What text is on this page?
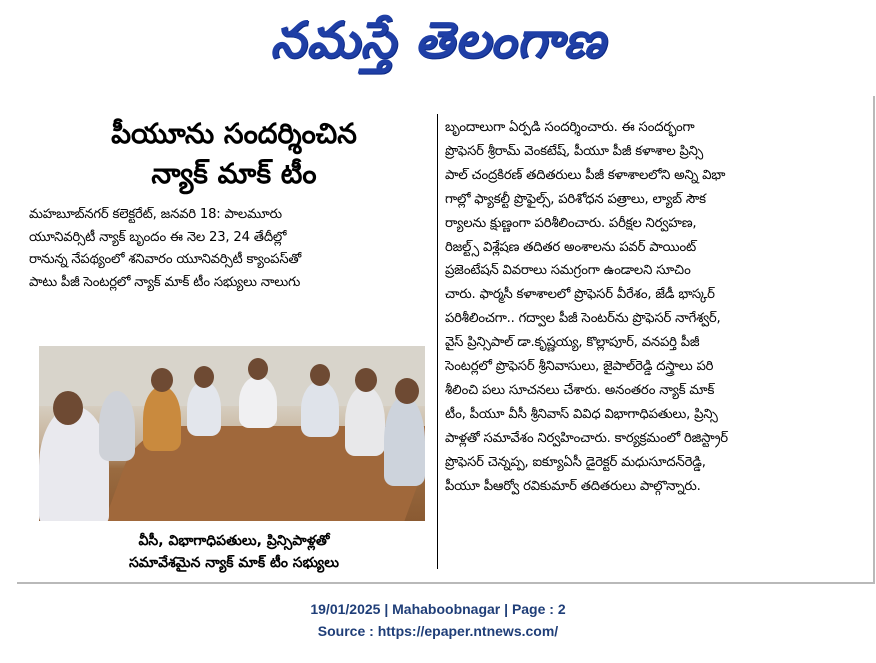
నమస్తే తెలంగాణ
పీయూను సందర్శించిన
న్యాక్ మాక్ టీం
మహబూబ్‌నగర్ కలెక్టరేట్, జనవరి 18: పాలమూరు
యూనివర్సిటీ న్యాక్ బృందం ఈ నెల 23, 24 తేదీల్లో
రానున్న నేపథ్యంలో శనివారం యూనివర్సిటీ క్యాంపస్‌తో
పాటు పీజీ సెంటర్లలో న్యాక్ మాక్ టీం సభ్యులు నాలుగు
వీసీ, విభాగాధిపతులు, ప్రిన్సిపాళ్లతో
సమావేశమైన న్యాక్ మాక్ టీం సభ్యులు
బృందాలుగా ఏర్పడి సందర్శించారు. ఈ సందర్భంగా
ప్రొఫెసర్ శ్రీరామ్ వెంకటేష్, పీయూ పీజీ కళాశాల ప్రిన్సి
పాల్ చంద్రకిరణ్ తదితరులు పీజీ కళాశాలలోని అన్ని విభా
గాల్లో ఫ్యాకల్టీ ప్రొఫైల్స్, పరిశోధన పత్రాలు, ల్యాబ్ సౌక
ర్యాలను క్షుణ్ణంగా పరిశీలించారు. పరీక్షల నిర్వహణ,
రిజల్ట్స్ విశ్లేషణ తదితర అంశాలను పవర్ పాయింట్
ప్రజెంటేషన్ వివరాలు సమగ్రంగా ఉండాలని సూచిం
చారు. ఫార్మసీ కళాశాలలో ప్రొఫెసర్ వీరేశం, జేడీ భాస్కర్
పరిశీలించగా.. గద్వాల పీజీ సెంటర్‌ను ప్రొఫెసర్ నాగేశ్వర్,
వైస్ ప్రిన్సిపాల్ డా.కృష్ణయ్య, కొల్లాపూర్, వనపర్తి పీజీ
సెంటర్లలో ప్రొఫెసర్ శ్రీనివాసులు, జైపాల్‌రెడ్డి దస్త్రాలు పరి
శీలించి పలు సూచనలు చేశారు. అనంతరం న్యాక్ మాక్
టీం, పీయూ వీసీ శ్రీనివాస్ వివిధ విభాగాధిపతులు, ప్రిన్సి
పాళ్లతో సమావేశం నిర్వహించారు. కార్యక్రమంలో రిజిస్ట్రార్
ప్రొఫెసర్ చెన్నప్ప, ఐక్యూఏసీ డైరెక్టర్ మధుసూదన్‌రెడ్డి,
పీయూ పీఆర్వో రవికుమార్ తదితరులు పాల్గొన్నారు.
19/01/2025 | Mahaboobnagar | Page : 2
Source : https://epaper.ntnews.com/
